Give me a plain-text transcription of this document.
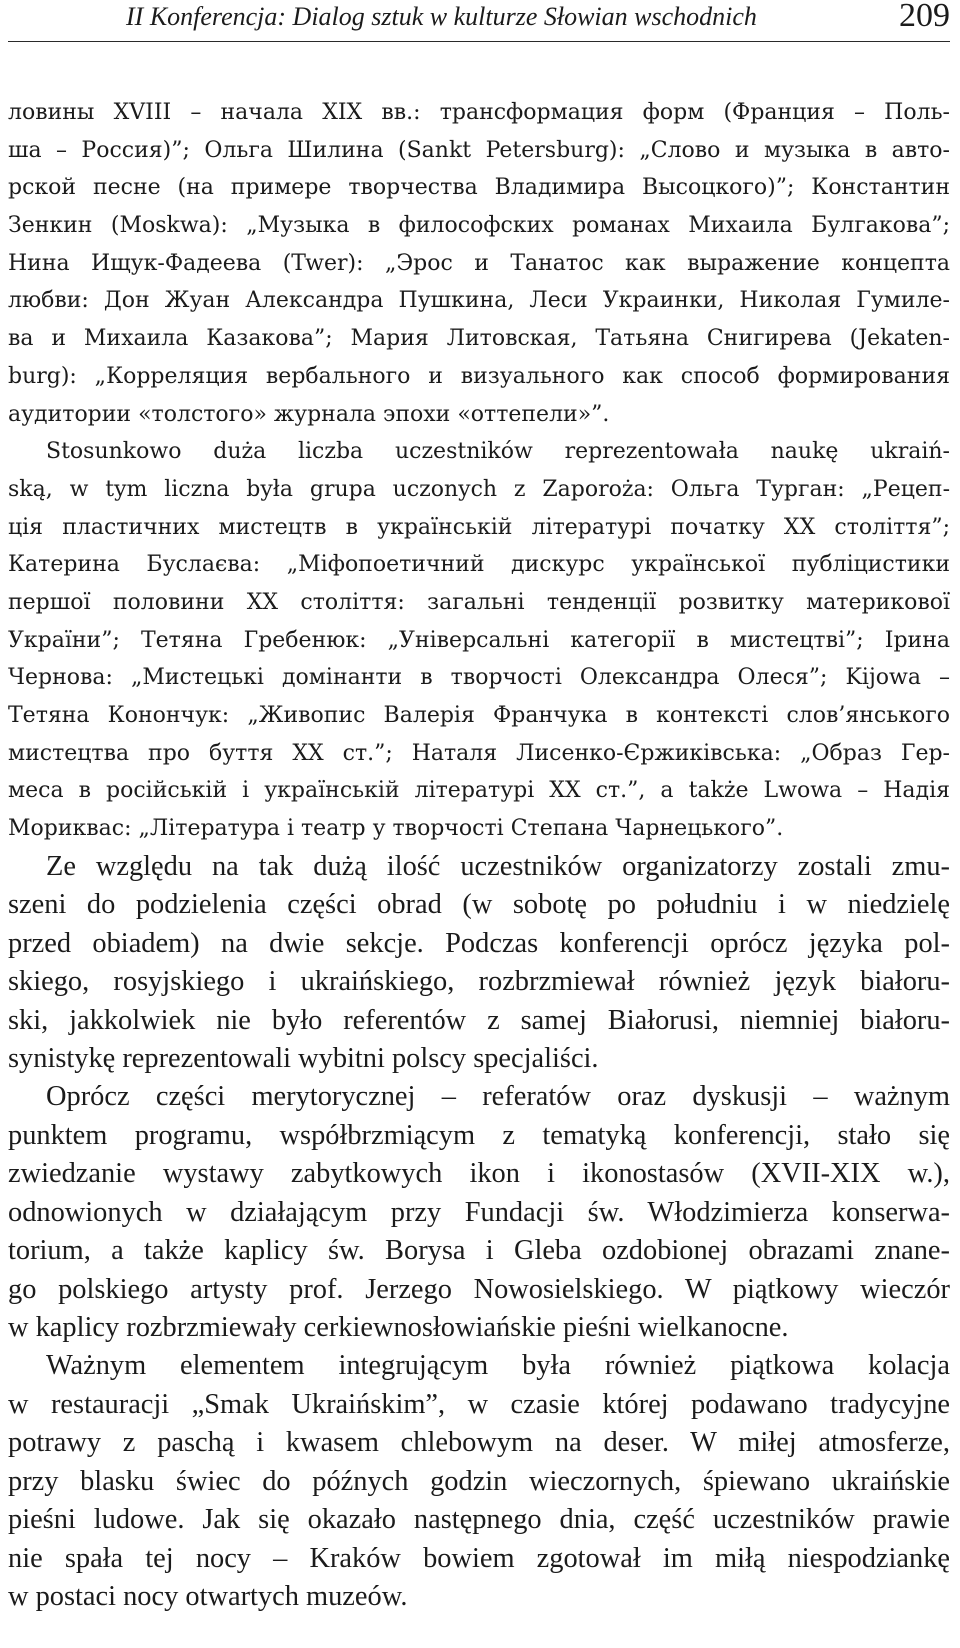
II Konferencja: Dialog sztuk w kulturze Słowian wschodnich	209
ловины XVIII – начала XIX вв.: трансформация форм (Франция – Поль-
ша – Россия)”; Ольга Шилина (Sankt Petersburg): „Слово и музыка в авто-
рской песне (на примере творчества Владимира Высоцкого)”; Константин
Зенкин (Moskwa): „Музыка в философских романах Михаила Булгакова”;
Нина Ищук-Фадеева (Twer): „Эрос и Танатос как выражение концепта
любви: Дон Жуан Александра Пушкина, Леси Украинки, Николая Гумиле-
ва и Михаила Казакова”; Мария Литовская, Татьяна Снигирева (Jekaten-
burg): „Корреляция вербального и визуального как способ формирования
аудитории «толстого» журнала эпохи «оттепели»”.
Stosunkowo duża liczba uczestników reprezentowała naukę ukraiń-
ską, w tym liczna była grupa uczonych z Zaporoża: Ольга Турган: „Рецеп-
ція пластичних мистецтв в українській літературі початку XX століття”;
Катерина Буслаєва: „Міфопоетичний дискурс української публіцистики
першої половини XX століття: загальні тенденції розвитку материкової
України”; Тетяна Гребенюк: „Універсальні категорії в мистецтві”; Ірина
Чернова: „Мистецькі домінанти в творчості Олександра Олеся”; Kijowa –
Тетяна Конончук: „Живопис Валерія Франчука в контексті слов’янського
мистецтва про буття XX ст.”; Наталя Лисенко-Єржиківська: „Образ Гер-
меса в російській і українській літературі XX ст.”, a także Lwowa – Надія
Мориквас: „Література і театр у творчості Степана Чарнецького”.
Ze względu na tak dużą ilość uczestników organizatorzy zostali zmu-
szeni do podzielenia części obrad (w sobotę po południu i w niedzielę
przed obiadem) na dwie sekcje. Podczas konferencji oprócz języka pol-
skiego, rosyjskiego i ukraińskiego, rozbrzmiewał również język białoru-
ski, jakkolwiek nie było referentów z samej Białorusi, niemniej białoru-
synistykę reprezentowali wybitni polscy specjaliści.
Oprócz części merytorycznej – referatów oraz dyskusji – ważnym
punktem programu, współbrzmiącym z tematyką konferencji, stało się
zwiedzanie wystawy zabytkowych ikon i ikonostasów (XVII-XIX w.),
odnowionych w działającym przy Fundacji św. Włodzimierza konserwa-
torium, a także kaplicy św. Borysa i Gleba ozdobionej obrazami znane-
go polskiego artysty prof. Jerzego Nowosielskiego. W piątkowy wieczór
w kaplicy rozbrzmiewały cerkiewnosłowiańskie pieśni wielkanocne.
Ważnym elementem integrującym była również piątkowa kolacja
w restauracji „Smak Ukraińskim”, w czasie której podawano tradycyjne
potrawy z paschą i kwasem chlebowym na deser. W miłej atmosferze,
przy blasku świec do późnych godzin wieczornych, śpiewano ukraińskie
pieśni ludowe. Jak się okazało następnego dnia, część uczestników prawie
nie spała tej nocy – Kraków bowiem zgotował im miłą niespodziankę
w postaci nocy otwartych muzeów.
